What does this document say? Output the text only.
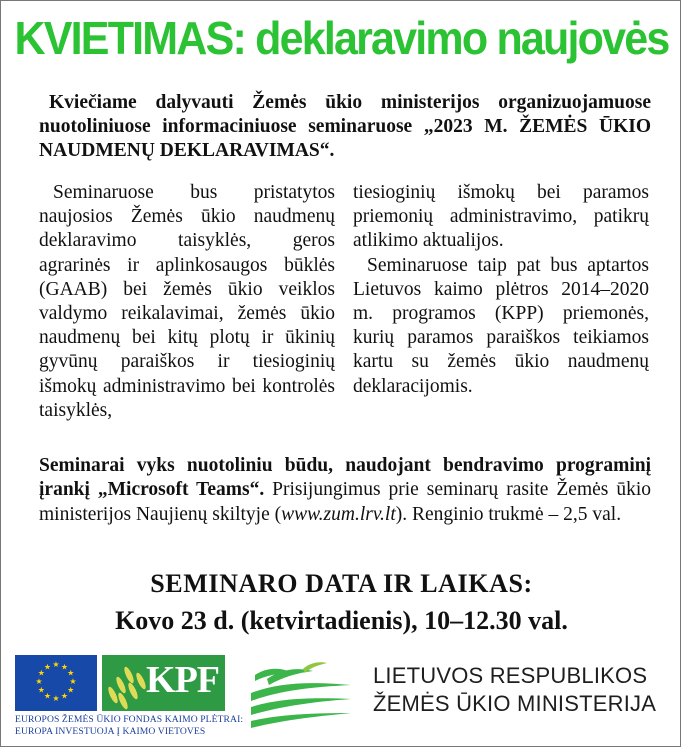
KVIETIMAS: deklaravimo naujovės
Kviečiame dalyvauti Žemės ūkio ministerijos organizuojamuose nuotoliniuose informaciniuose seminaruose „2023 M. ŽEMĖS ŪKIO NAUDMENŲ DEKLARAVIMAS“.

Seminaruose bus pristatytos naujosios Žemės ūkio naudmenų deklaravimo taisyklės, geros agrarinės ir aplinkosaugos būklės (GAAB) bei žemės ūkio veiklos valdymo reikalavimai, žemės ūkio naudmenų bei kitų plotų ir ūkinių gyvūnų paraiškos ir tiesioginių išmokų administravimo bei kontrolės taisyklės,

tiesioginių išmokų bei paramos priemonių administravimo, patikrų atlikimo aktualijos.

Seminaruose taip pat bus aptartos Lietuvos kaimo plėtros 2014–2020 m. programos (KPP) priemonės, kurių paramos paraiškos teikiamos kartu su žemės ūkio naudmenų deklaracijomis.

Seminarai vyks nuotoliniu būdu, naudojant bendravimo programinį įrankį „Microsoft Teams“. Prisijungimus prie seminarų rasite Žemės ūkio ministerijos Naujienų skiltyje (www.zum.lrv.lt). Renginio trukmė – 2,5 val.
SEMINARO DATA IR LAIKAS:
Kovo 23 d. (ketvirtadienis), 10–12.30 val.
★ ★
★
★
★
★
★
★
★
★
★
★ KPF
EUROPOS ŽEMĖS ŪKIO FONDAS KAIMO PLĖTRAI:
EUROPA INVESTUOJA Į KAIMO VIETOVES
LIETUVOS RESPUBLIKOS
ŽEMĖS ŪKIO MINISTERIJA
